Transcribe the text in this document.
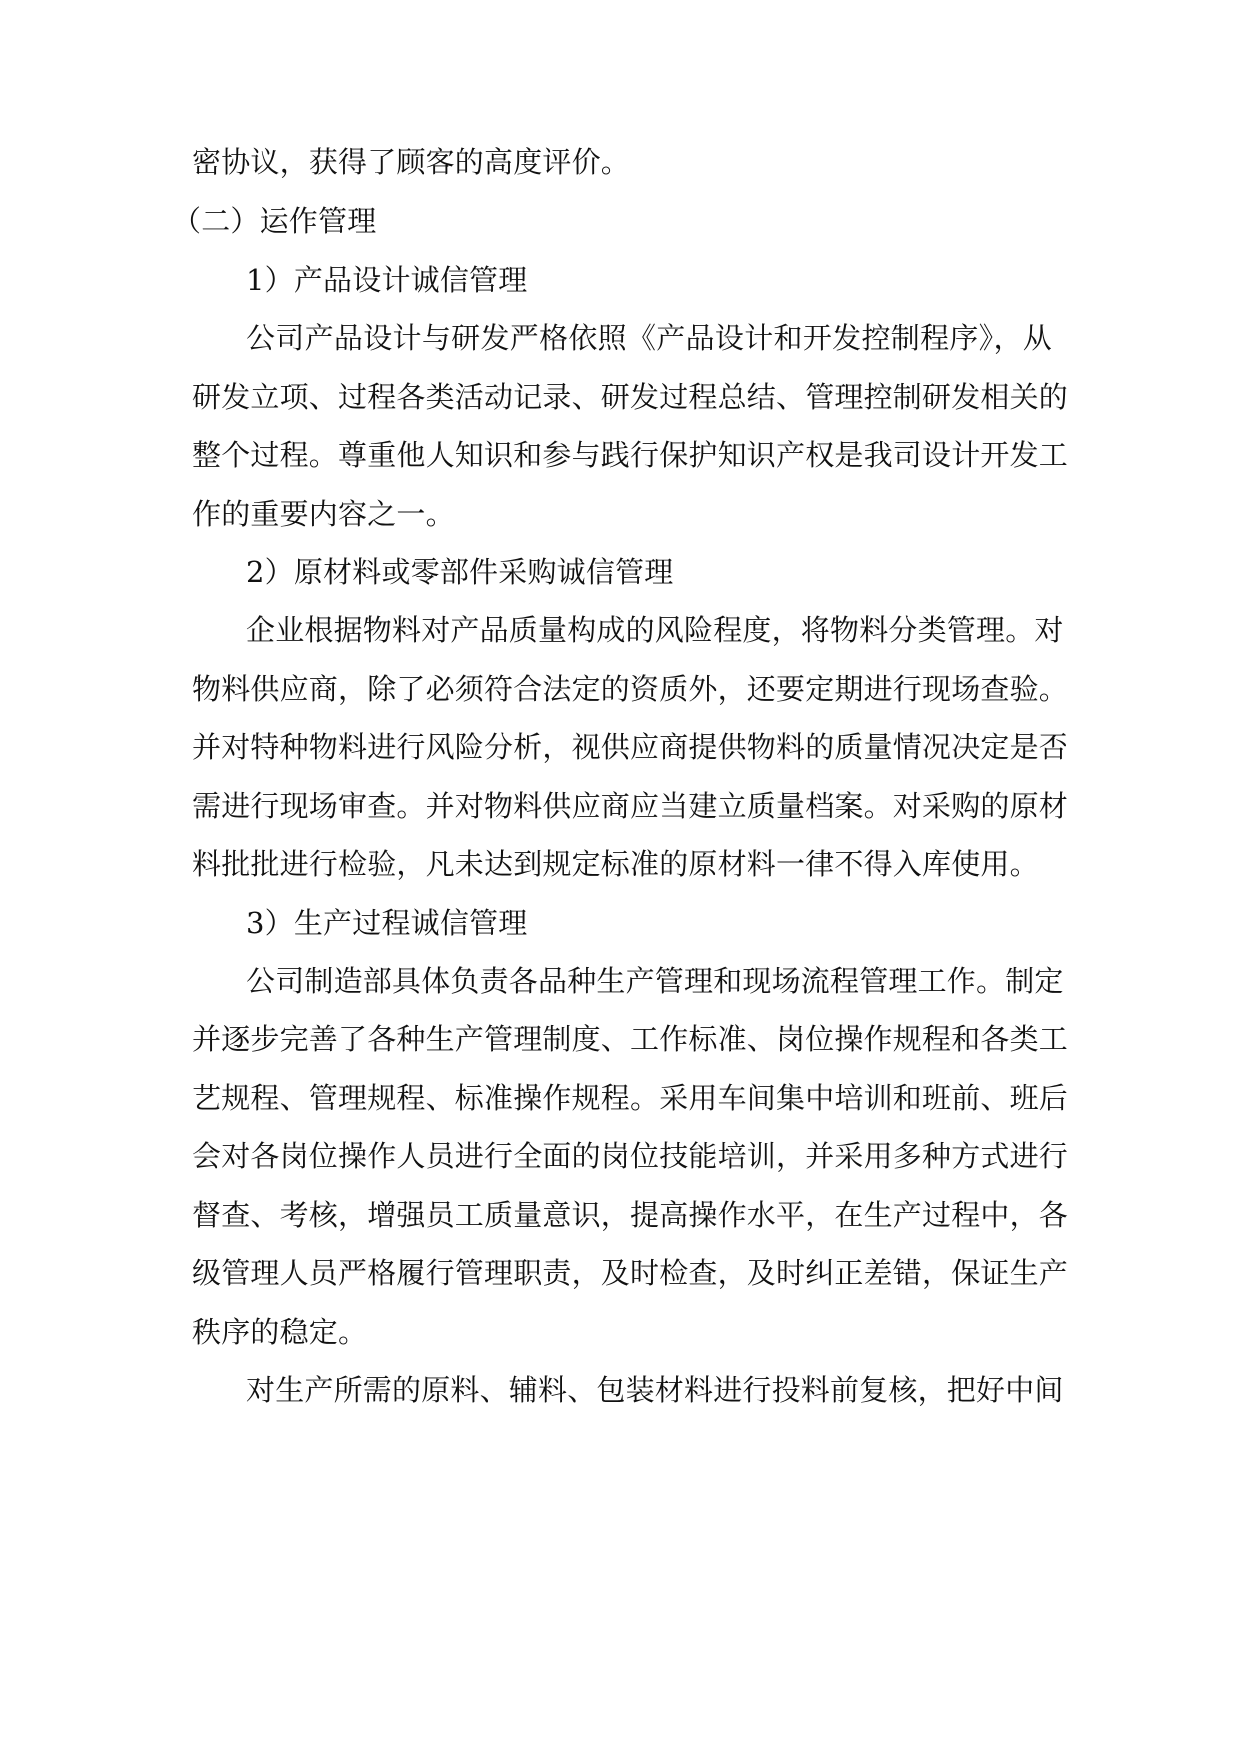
密协议，获得了顾客的高度评价。
（二）运作管理
1）产品设计诚信管理
公司产品设计与研发严格依照《产品设计和开发控制程序》，从
研发立项、过程各类活动记录、研发过程总结、管理控制研发相关的
整个过程。尊重他人知识和参与践行保护知识产权是我司设计开发工
作的重要内容之一。
2）原材料或零部件采购诚信管理
企业根据物料对产品质量构成的风险程度，将物料分类管理。对
物料供应商，除了必须符合法定的资质外，还要定期进行现场查验。
并对特种物料进行风险分析，视供应商提供物料的质量情况决定是否
需进行现场审查。并对物料供应商应当建立质量档案。对采购的原材
料批批进行检验，凡未达到规定标准的原材料一律不得入库使用。
3）生产过程诚信管理
公司制造部具体负责各品种生产管理和现场流程管理工作。制定
并逐步完善了各种生产管理制度、工作标准、岗位操作规程和各类工
艺规程、管理规程、标准操作规程。采用车间集中培训和班前、班后
会对各岗位操作人员进行全面的岗位技能培训，并采用多种方式进行
督查、考核，增强员工质量意识，提高操作水平，在生产过程中，各
级管理人员严格履行管理职责，及时检查，及时纠正差错，保证生产
秩序的稳定。
对生产所需的原料、辅料、包装材料进行投料前复核，把好中间
